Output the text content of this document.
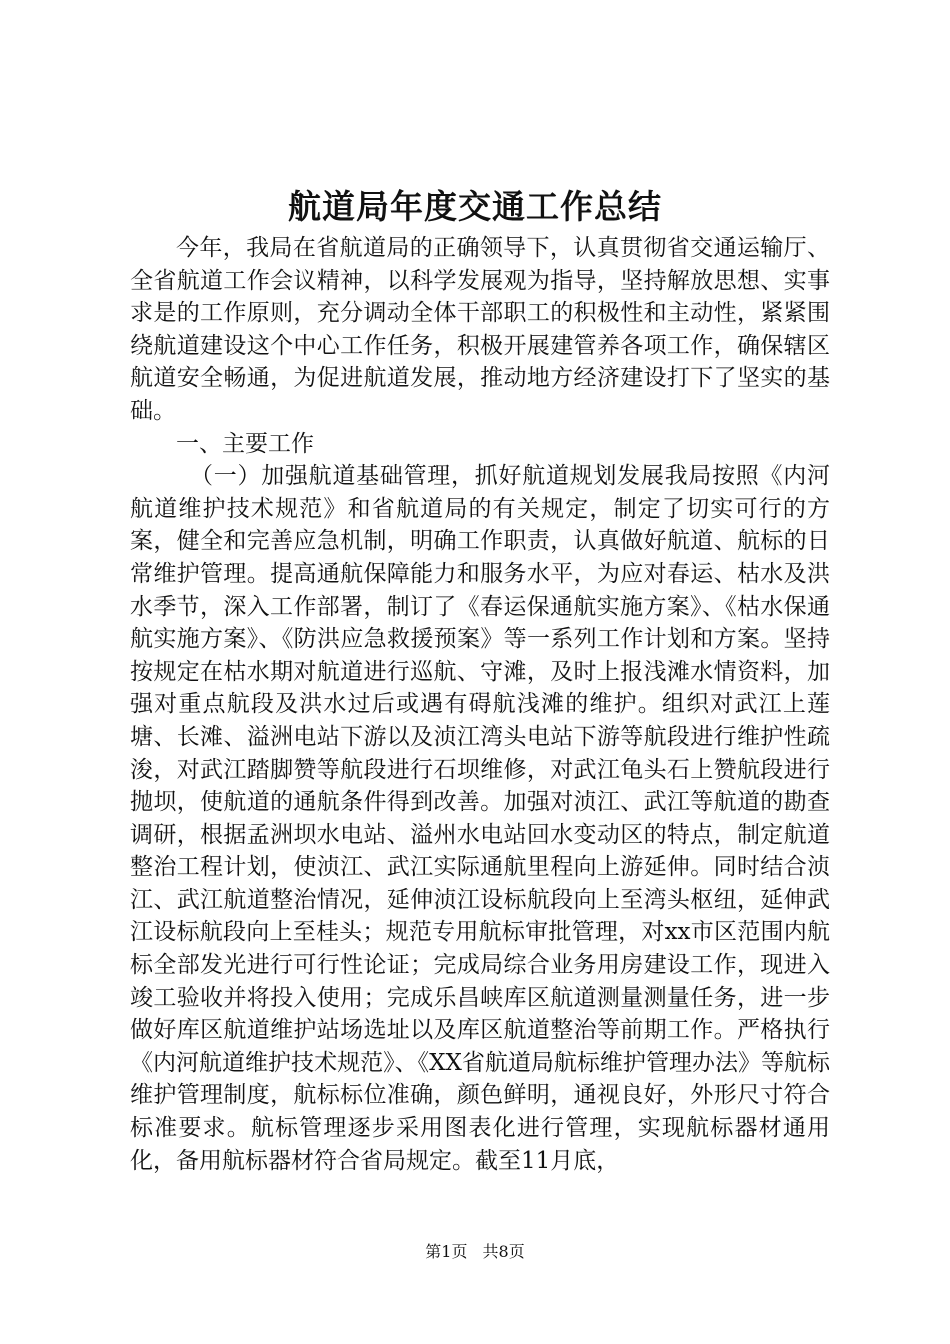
航道局年度交通工作总结

今年，我局在省航道局的正确领导下，认真贯彻省交通运输厅、全省航道工作会议精神，以科学发展观为指导，坚持解放思想、实事求是的工作原则，充分调动全体干部职工的积极性和主动性，紧紧围绕航道建设这个中心工作任务，积极开展建管养各项工作，确保辖区航道安全畅通，为促进航道发展，推动地方经济建设打下了坚实的基础。

一、主要工作

（一）加强航道基础管理，抓好航道规划发展我局按照《内河航道维护技术规范》和省航道局的有关规定，制定了切实可行的方案，健全和完善应急机制，明确工作职责，认真做好航道、航标的日常维护管理。提高通航保障能力和服务水平，为应对春运、枯水及洪水季节，深入工作部署，制订了《春运保通航实施方案》、《枯水保通航实施方案》、《防洪应急救援预案》等一系列工作计划和方案。坚持按规定在枯水期对航道进行巡航、守滩，及时上报浅滩水情资料，加强对重点航段及洪水过后或遇有碍航浅滩的维护。组织对武江上莲塘、长滩、溢洲电站下游以及浈江湾头电站下游等航段进行维护性疏浚，对武江踏脚赞等航段进行石坝维修，对武江龟头石上赞航段进行抛坝，使航道的通航条件得到改善。加强对浈江、武江等航道的勘查调研，根据孟洲坝水电站、溢州水电站回水变动区的特点，制定航道整治工程计划，使浈江、武江实际通航里程向上游延伸。同时结合浈江、武江航道整治情况，延伸浈江设标航段向上至湾头枢纽，延伸武江设标航段向上至桂头；规范专用航标审批管理，对xx市区范围内航标全部发光进行可行性论证；完成局综合业务用房建设工作，现进入竣工验收并将投入使用；完成乐昌峡库区航道测量测量任务，进一步做好库区航道维护站场选址以及库区航道整治等前期工作。严格执行《内河航道维护技术规范》、《XX省航道局航标维护管理办法》等航标维护管理制度，航标标位准确，颜色鲜明，通视良好，外形尺寸符合标准要求。航标管理逐步采用图表化进行管理，实现航标器材通用化，备用航标器材符合省局规定。截至11月底，

第1页 共8页
